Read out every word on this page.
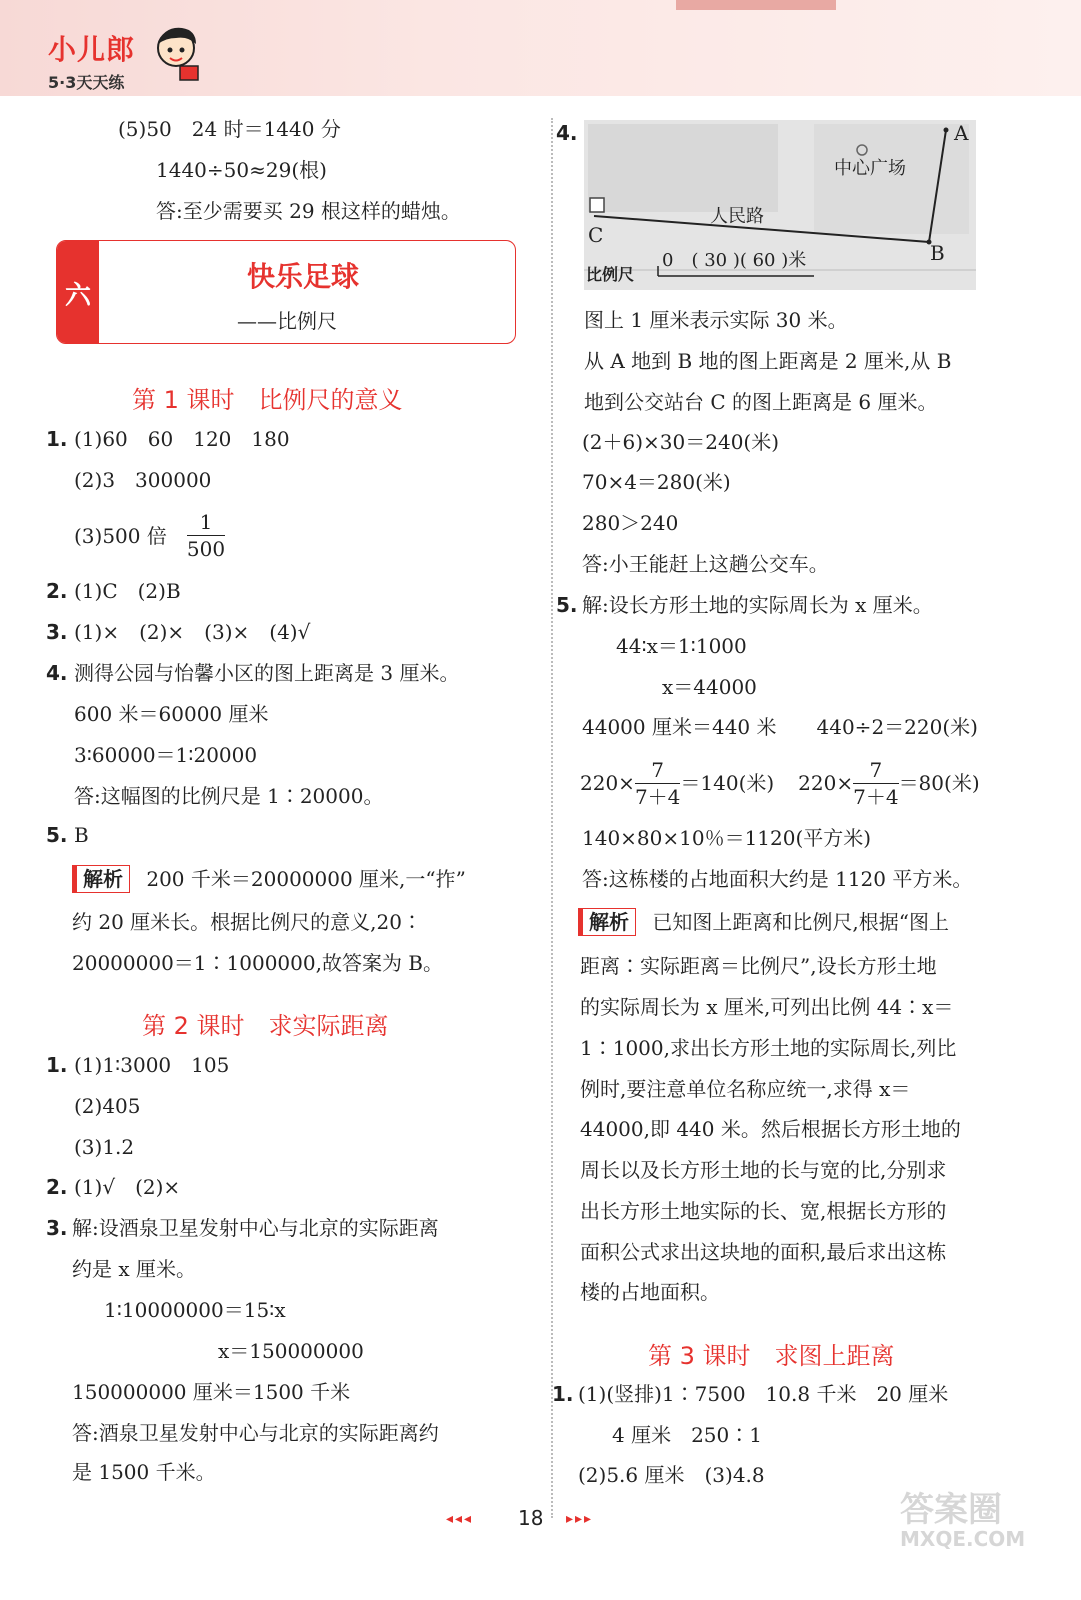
小儿郎
5·3天天练
(5)50　24 时＝1440 分
1440÷50≈29(根)
答:至少需要买 29 根这样的蜡烛。
六
快乐足球
——比例尺
第 1 课时　比例尺的意义
1. (1)60　60　120　180
(2)3　300000
(3)500 倍 $\frac{1}{500}$
2. (1)C　(2)B
3. (1)×　(2)×　(3)×　(4)√
4. 测得公园与怡馨小区的图上距离是 3 厘米。
600 米＝60000 厘米
3∶60000＝1∶20000
答:这幅图的比例尺是 1∶20000。
5. B
解析 200 千米＝20000000 厘米,一“拃”
约 20 厘米长。根据比例尺的意义,20∶
20000000＝1∶1000000,故答案为 B。
第 2 课时　求实际距离
1. (1)1∶3000　105
(2)405
(3)1.2
2. (1)√　(2)×
3. 解:设酒泉卫星发射中心与北京的实际距离
约是 x 厘米。
1∶10000000＝15∶x
x＝150000000
150000000 厘米＝1500 千米
答:酒泉卫星发射中心与北京的实际距离约
是 1500 千米。
4.	A
B
C
中心广场
人民路
比例尺
0　( 30 )( 60 )米
图上 1 厘米表示实际 30 米。
从 A 地到 B 地的图上距离是 2 厘米,从 B
地到公交站台 C 的图上距离是 6 厘米。
(2＋6)×30＝240(米)
70×4＝280(米)
280＞240
答:小王能赶上这趟公交车。
5. 解:设长方形土地的实际周长为 x 厘米。
44∶x＝1∶1000
x＝44000
44000 厘米＝440 米　　440÷2＝220(米)
$220\times \frac{7}{7+4} =140$(米) $220\times \frac{7}{7+4} =80$(米)
140×80×10％＝1120(平方米)
答:这栋楼的占地面积大约是 1120 平方米。
解析 已知图上距离和比例尺,根据“图上
距离∶实际距离＝比例尺”,设长方形土地
的实际周长为 x 厘米,可列出比例 44∶x＝
1∶1000,求出长方形土地的实际周长,列比
例时,要注意单位名称应统一,求得 x＝
44000,即 440 米。然后根据长方形土地的
周长以及长方形土地的长与宽的比,分别求
出长方形土地实际的长、宽,根据长方形的
面积公式求出这块地的面积,最后求出这栋
楼的占地面积。
第 3 课时　求图上距离
1. (1)(竖排)1∶7500　10.8 千米　20 厘米
4 厘米　250∶1
(2)5.6 厘米　(3)4.8
◂◂◂ 18 ▸▸▸	答案圈
MXQE.COM
